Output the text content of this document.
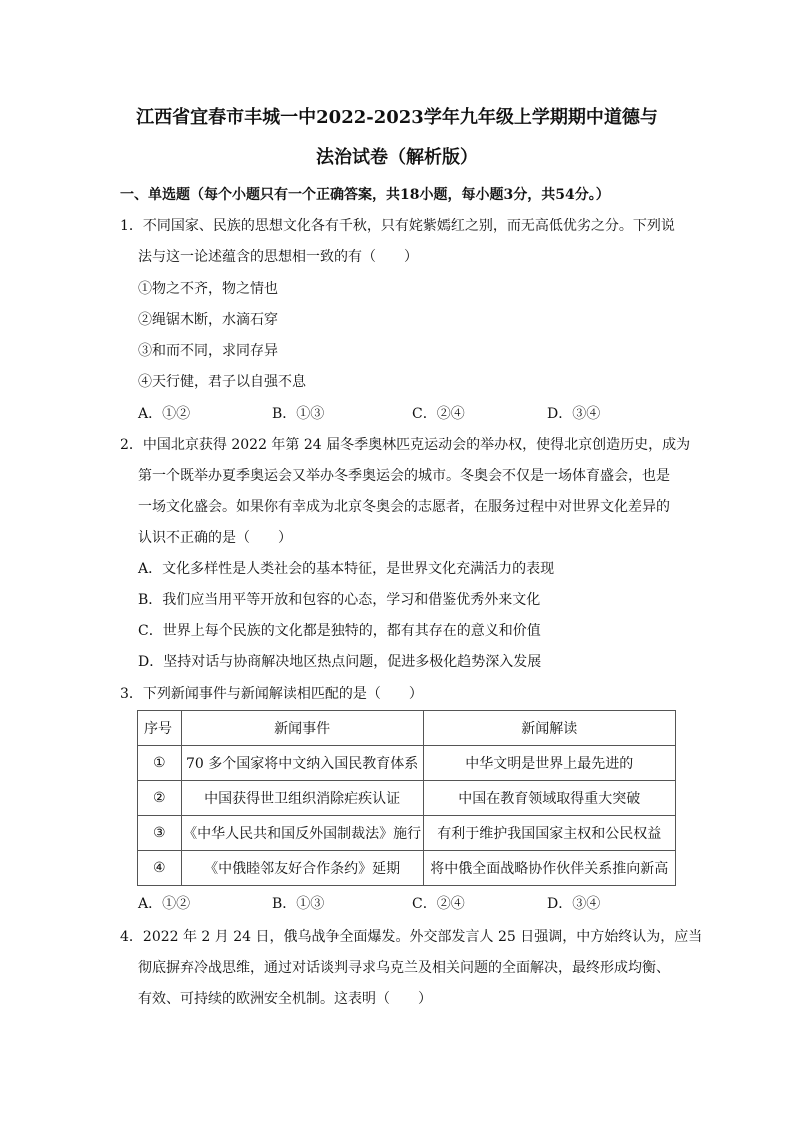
江西省宜春市丰城一中2022-2023学年九年级上学期期中道德与
法治试卷（解析版）
一、单选题（每个小题只有一个正确答案，共18小题，每小题3分，共54分。）
1．不同国家、民族的思想文化各有千秋，只有姹紫嫣红之别，而无高低优劣之分。下列说
法与这一论述蕴含的思想相一致的有（　　）
①物之不齐，物之情也
②绳锯木断，水滴石穿
③和而不同，求同存异
④天行健，君子以自强不息
A．①②	B．①③	C．②④	D．③④
2．中国北京获得 2022 年第 24 届冬季奥林匹克运动会的举办权，使得北京创造历史，成为
第一个既举办夏季奥运会又举办冬季奥运会的城市。冬奥会不仅是一场体育盛会，也是
一场文化盛会。如果你有幸成为北京冬奥会的志愿者，在服务过程中对世界文化差异的
认识不正确的是（　　）
A．文化多样性是人类社会的基本特征，是世界文化充满活力的表现
B．我们应当用平等开放和包容的心态，学习和借鉴优秀外来文化
C．世界上每个民族的文化都是独特的，都有其存在的意义和价值
D．坚持对话与协商解决地区热点问题，促进多极化趋势深入发展
3．下列新闻事件与新闻解读相匹配的是（　　）
序号	新闻事件	新闻解读
①	70 多个国家将中文纳入国民教育体系	中华文明是世界上最先进的
②	中国获得世卫组织消除疟疾认证	中国在教育领域取得重大突破
③	《中华人民共和国反外国制裁法》施行	有利于维护我国国家主权和公民权益
④	《中俄睦邻友好合作条约》延期	将中俄全面战略协作伙伴关系推向新高
A．①②	B．①③	C．②④	D．③④
4．2022 年 2 月 24 日，俄乌战争全面爆发。外交部发言人 25 日强调，中方始终认为，应当
彻底摒弃冷战思维，通过对话谈判寻求乌克兰及相关问题的全面解决，最终形成均衡、
有效、可持续的欧洲安全机制。这表明（　　）
